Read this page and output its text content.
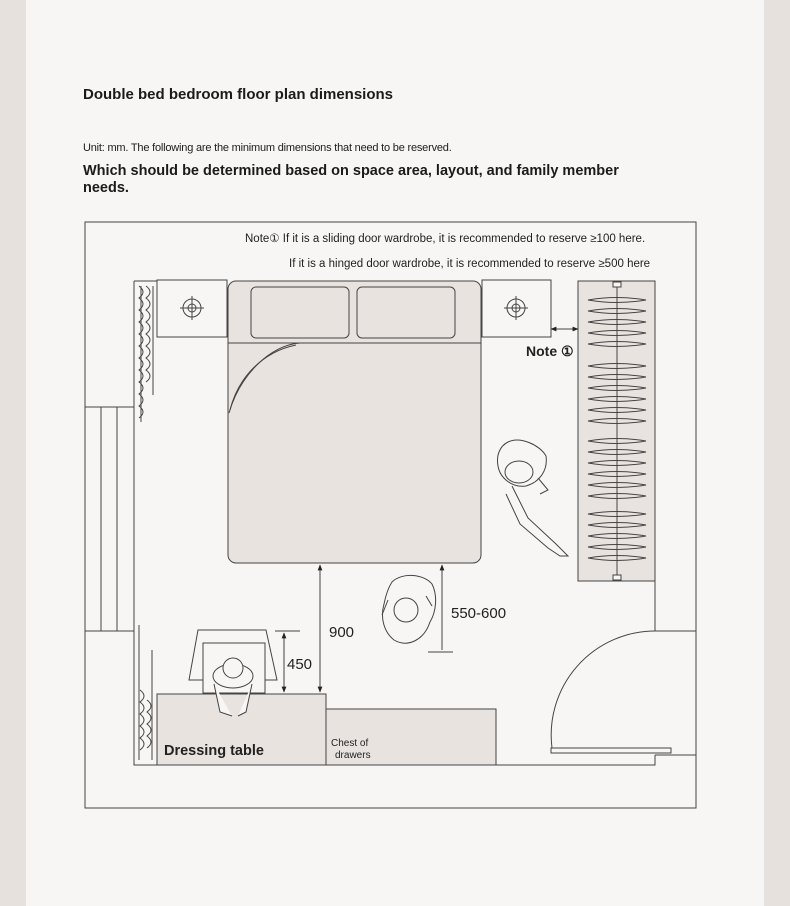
Double bed bedroom floor plan dimensions
Unit: mm. The following are the minimum dimensions that need to be reserved.
Which should be determined based on space area, layout, and family member needs.
Note① If it is a sliding door wardrobe, it is recommended to reserve ≥100 here.
If it is a hinged door wardrobe, it is recommended to reserve ≥500 here
Note ①
900
550-600
450
Dressing table	Chest of
drawers
